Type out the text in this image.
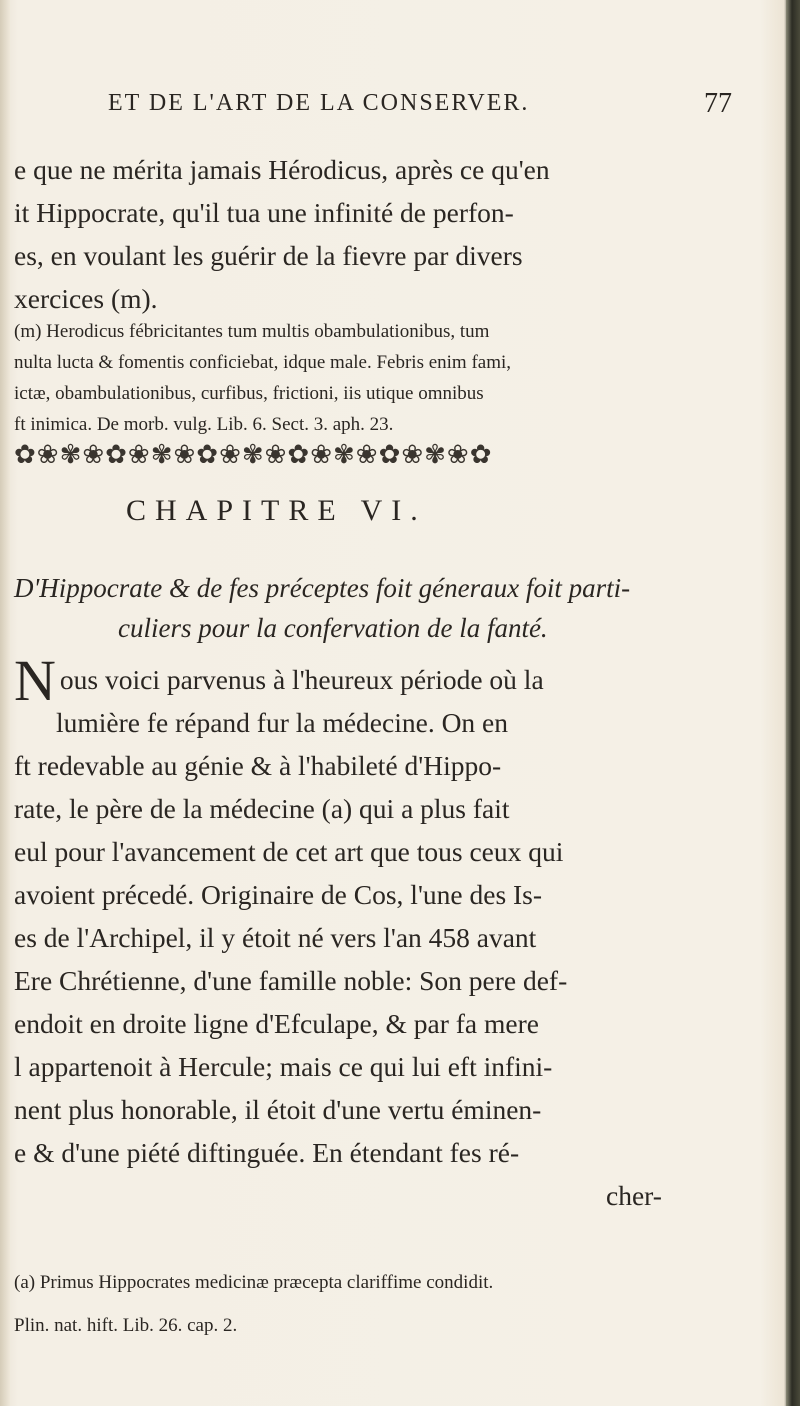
ET DE L'ART DE LA CONSERVER.	77
e que ne mérita jamais Hérodicus, après ce qu'en
it Hippocrate, qu'il tua une infinité de perfon-
es, en voulant les guérir de la fievre par divers
xercices (m).
(m) Herodicus fébricitantes tum multis obambulationibus, tum
nulta lucta & fomentis conficiebat, idque male. Febris enim fami,
ictæ, obambulationibus, curfibus, frictioni, iis utique omnibus
ft inimica. De morb. vulg. Lib. 6. Sect. 3. aph. 23.
✿❀✾❀✿❀✾❀✿❀✾❀✿❀✾❀✿❀✾❀✿
CHAPITRE VI.
D'Hippocrate & de fes préceptes foit géneraux foit parti-
culiers pour la confervation de la fanté.
Nous voici parvenus à l'heureux période où la
lumière fe répand fur la médecine. On en
ft redevable au génie & à l'habileté d'Hippo-
rate, le père de la médecine (a) qui a plus fait
eul pour l'avancement de cet art que tous ceux qui
avoient précedé. Originaire de Cos, l'une des Is-
es de l'Archipel, il y étoit né vers l'an 458 avant
Ere Chrétienne, d'une famille noble: Son pere def-
endoit en droite ligne d'Efculape, & par fa mere
l appartenoit à Hercule; mais ce qui lui eft infini-
nent plus honorable, il étoit d'une vertu éminen-
e & d'une piété diftinguée. En étendant fes ré-
cher-
(a) Primus Hippocrates medicinæ præcepta clariffime condidit.
Plin. nat. hift. Lib. 26. cap. 2.
